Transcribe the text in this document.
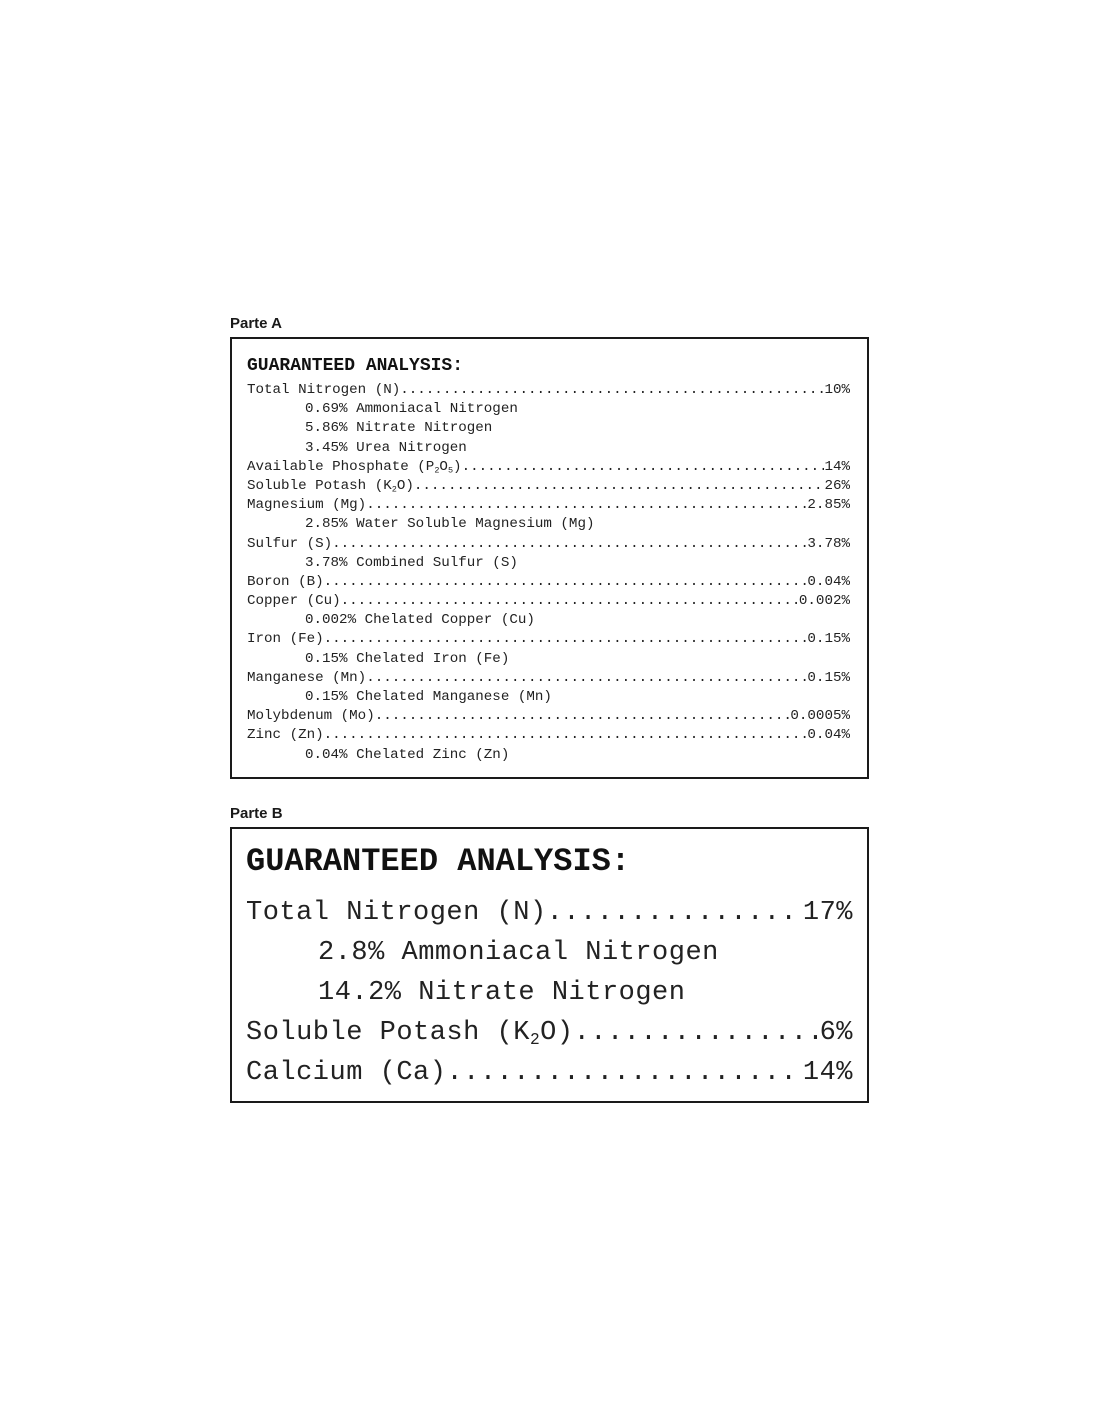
Parte A
GUARANTEED ANALYSIS:
Total Nitrogen (N) .....	10%
0.69% Ammoniacal Nitrogen
5.86% Nitrate Nitrogen
3.45% Urea Nitrogen
Available Phosphate $(P_2O_5)$ .....	14%
Soluble Potash $(K_2O)$ .....	26%
Magnesium (Mg) .....	2.85%
2.85% Water Soluble Magnesium (Mg)
Sulfur (S) .....	3.78%
3.78% Combined Sulfur (S)
Boron (B) .....	0.04%
Copper (Cu) .....	0.002%
0.002% Chelated Copper (Cu)
Iron (Fe) .....	0.15%
0.15% Chelated Iron (Fe)
Manganese (Mn) .....	0.15%
0.15% Chelated Manganese (Mn)
Molybdenum (Mo) .....	0.0005%
Zinc (Zn) .....	0.04%
0.04% Chelated Zinc (Zn)
Parte B
GUARANTEED ANALYSIS:
Total Nitrogen (N) .....	17%
2.8% Ammoniacal Nitrogen
14.2% Nitrate Nitrogen
Soluble Potash $(K_2O)$ .....	6%
Calcium (Ca) .....	14%
